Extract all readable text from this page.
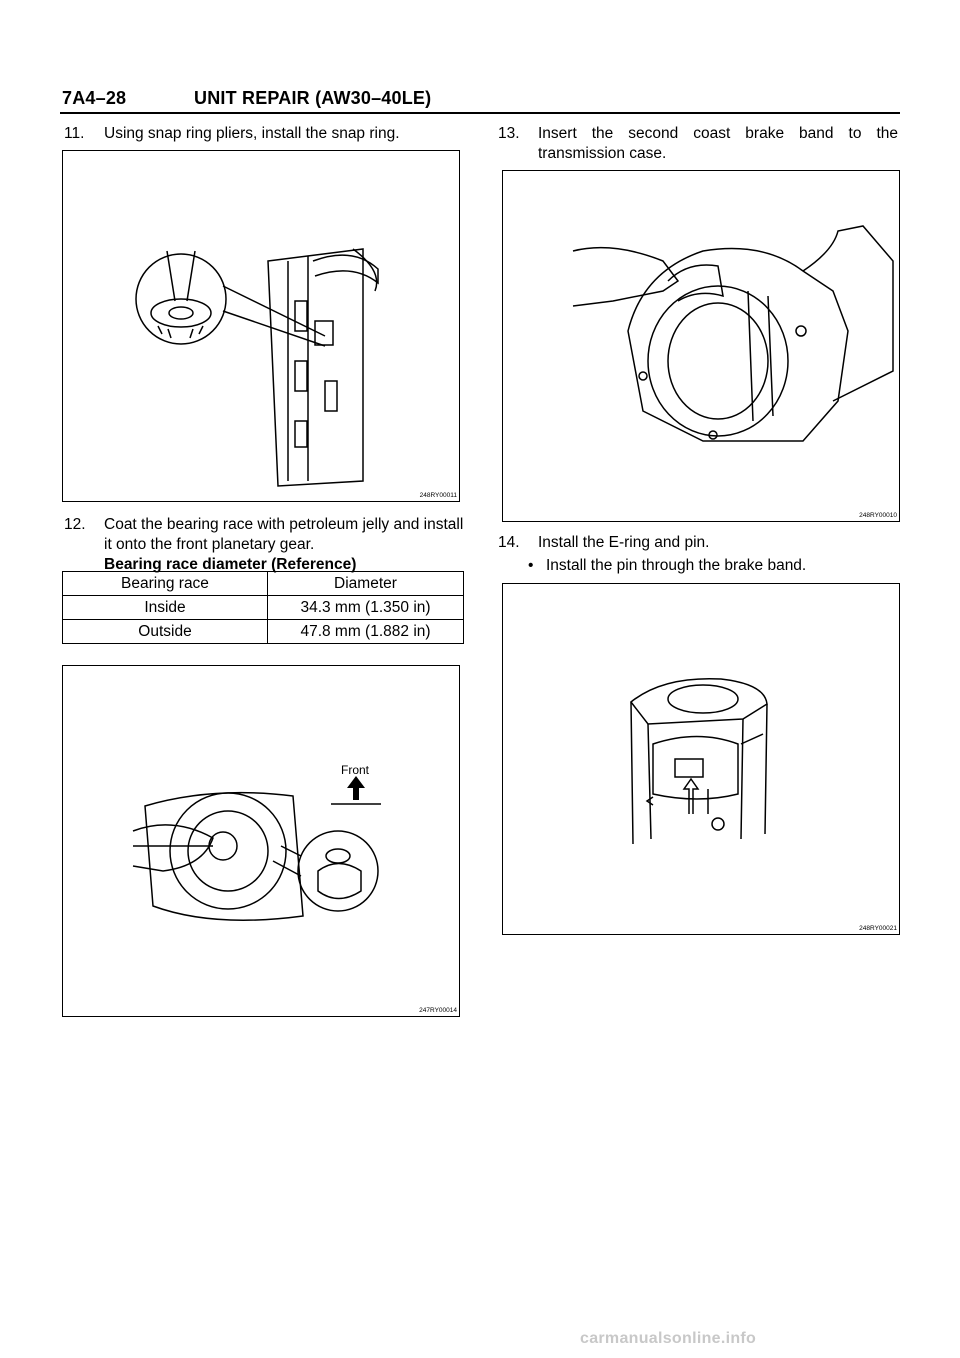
7A4–28	UNIT REPAIR (AW30–40LE)
11. Using snap ring pliers, install the snap ring.
248RY00011
12. Coat the bearing race with petroleum jelly and install
it onto the front planetary gear.
Bearing race diameter (Reference)
Bearing race	Diameter
Inside	34.3 mm (1.350 in)
Outside	47.8 mm (1.882 in)
Front
247RY00014
13. Insert the second coast brake band to the
transmission case.
248RY00010
14. Install the E-ring and pin.
• Install the pin through the brake band.
248RY00021
carmanualsonline.info
